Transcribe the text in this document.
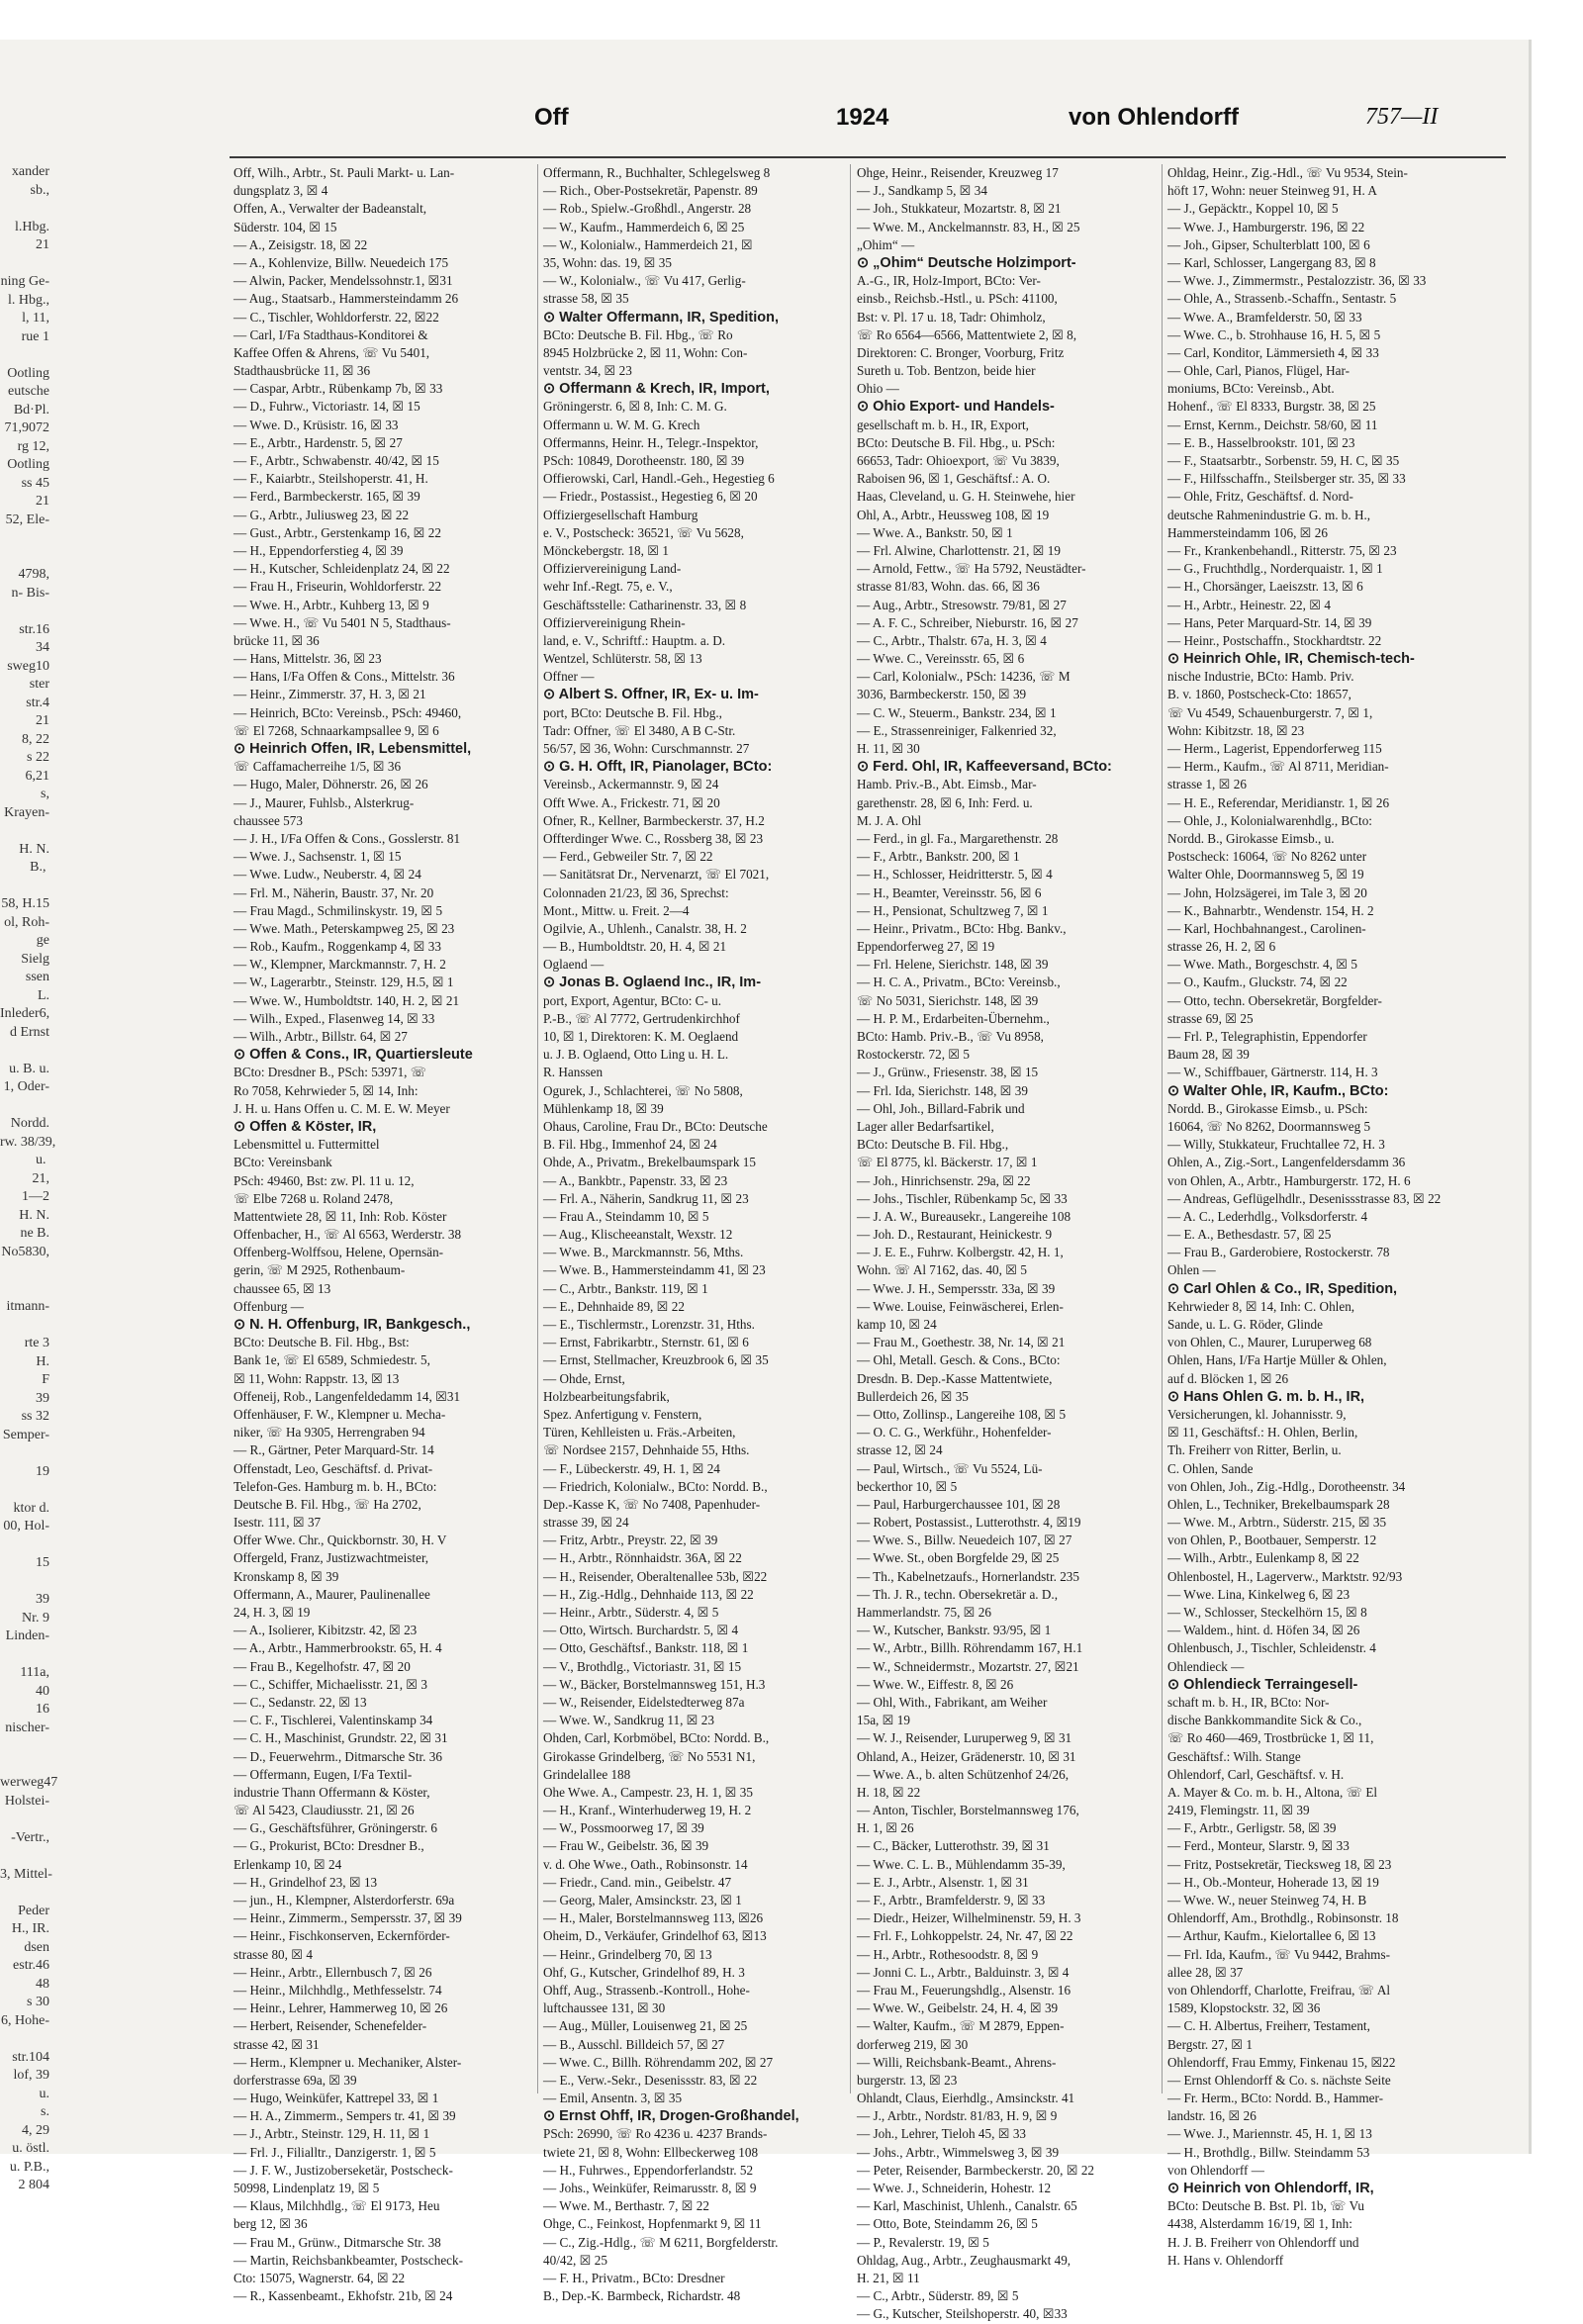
xander
sb.,
l.Hbg.
21
ning Ge-
l. Hbg.,
l, 11,
rue 1
Ootling
eutsche
Bd·Pl.
71,9072
rg 12,
Ootling
ss 45
21
52, Ele-
4798,
n- Bis-
str.16
34
sweg10
ster
str.4
21
8, 22
s 22
6,21
s,
Krayen-
H. N.
B.,
58, H.15
ol, Roh-
ge
Sielg
ssen
L.
Inleder6,
d Ernst
u. B. u.
1, Oder-
Nordd.
rw. 38/39,
u.
21,
1—2
H. N.
ne B.
No5830,
itmann-
rte 3
H.
F
39
ss 32
Semper-
19
ktor d.
00, Hol-
15
39
Nr. 9
Linden-
111a,
40
16
nischer-
werweg47
Holstei-
-Vertr.,
3, Mittel-
Peder
H., IR.
dsen
estr.46
48
s 30
6, Hohe-
str.104
lof, 39
u.
s.
4, 29
u. östl.
u. P.B.,
2 804
Off	1924	von Ohlendorff	757—II
Off, Wilh., Arbtr., St. Pauli Markt- u. Lan-
dungsplatz 3, ☒ 4
Offen, A., Verwalter der Badeanstalt,
Süderstr. 104, ☒ 15
— A., Zeisigstr. 18, ☒ 22
— A., Kohlenvize, Billw. Neuedeich 175
— Alwin, Packer, Mendelssohnstr.1, ☒31
— Aug., Staatsarb., Hammersteindamm 26
— C., Tischler, Wohldorferstr. 22, ☒22
— Carl, I/Fa Stadthaus-Konditorei &
Kaffee Offen & Ahrens, ☏ Vu 5401,
Stadthausbrücke 11, ☒ 36
— Caspar, Arbtr., Rübenkamp 7b, ☒ 33
— D., Fuhrw., Victoriastr. 14, ☒ 15
— Wwe. D., Krüsistr. 16, ☒ 33
— E., Arbtr., Hardenstr. 5, ☒ 27
— F., Arbtr., Schwabenstr. 40/42, ☒ 15
— F., Kaiarbtr., Steilshoperstr. 41, H.
— Ferd., Barmbeckerstr. 165, ☒ 39
— G., Arbtr., Juliusweg 23, ☒ 22
— Gust., Arbtr., Gerstenkamp 16, ☒ 22
— H., Eppendorferstieg 4, ☒ 39
— H., Kutscher, Schleidenplatz 24, ☒ 22
— Frau H., Friseurin, Wohldorferstr. 22
— Wwe. H., Arbtr., Kuhberg 13, ☒ 9
— Wwe. H., ☏ Vu 5401 N 5, Stadthaus-
brücke 11, ☒ 36
— Hans, Mittelstr. 36, ☒ 23
— Hans, I/Fa Offen & Cons., Mittelstr. 36
— Heinr., Zimmerstr. 37, H. 3, ☒ 21
— Heinrich, BCto: Vereinsb., PSch: 49460,
☏ El 7268, Schnaarkampsallee 9, ☒ 6
⊙ Heinrich Offen, IR, Lebensmittel,
☏ Caffamacherreihe 1/5, ☒ 36
— Hugo, Maler, Döhnerstr. 26, ☒ 26
— J., Maurer, Fuhlsb., Alsterkrug-
chaussee 573
— J. H., I/Fa Offen & Cons., Gosslerstr. 81
— Wwe. J., Sachsenstr. 1, ☒ 15
— Wwe. Ludw., Neuberstr. 4, ☒ 24
— Frl. M., Näherin, Baustr. 37, Nr. 20
— Frau Magd., Schmilinskystr. 19, ☒ 5
— Wwe. Math., Peterskampweg 25, ☒ 23
— Rob., Kaufm., Roggenkamp 4, ☒ 33
— W., Klempner, Marckmannstr. 7, H. 2
— W., Lagerarbtr., Steinstr. 129, H.5, ☒ 1
— Wwe. W., Humboldtstr. 140, H. 2, ☒ 21
— Wilh., Exped., Flasenweg 14, ☒ 33
— Wilh., Arbtr., Billstr. 64, ☒ 27
⊙ Offen & Cons., IR, Quartiersleute
BCto: Dresdner B., PSch: 53971, ☏
Ro 7058, Kehrwieder 5, ☒ 14, Inh:
J. H. u. Hans Offen u. C. M. E. W. Meyer
⊙ Offen & Köster, IR,
Lebensmittel u. Futtermittel
BCto: Vereinsbank
PSch: 49460, Bst: zw. Pl. 11 u. 12,
☏ Elbe 7268 u. Roland 2478,
Mattentwiete 28, ☒ 11, Inh: Rob. Köster
Offenbacher, H., ☏ Al 6563, Werderstr. 38
Offenberg-Wolffsou, Helene, Opernsän-
gerin, ☏ M 2925, Rothenbaum-
chaussee 65, ☒ 13
Offenburg —
⊙ N. H. Offenburg, IR, Bankgesch.,
BCto: Deutsche B. Fil. Hbg., Bst:
Bank 1e, ☏ El 6589, Schmiedestr. 5,
☒ 11, Wohn: Rappstr. 13, ☒ 13
Offeneij, Rob., Langenfeldedamm 14, ☒31
Offenhäuser, F. W., Klempner u. Mecha-
niker, ☏ Ha 9305, Herrengraben 94
— R., Gärtner, Peter Marquard-Str. 14
Offenstadt, Leo, Geschäftsf. d. Privat-
Telefon-Ges. Hamburg m. b. H., BCto:
Deutsche B. Fil. Hbg., ☏ Ha 2702,
Isestr. 111, ☒ 37
Offer Wwe. Chr., Quickbornstr. 30, H. V
Offergeld, Franz, Justizwachtmeister,
Kronskamp 8, ☒ 39
Offermann, A., Maurer, Paulinenallee
24, H. 3, ☒ 19
— A., Isolierer, Kibitzstr. 42, ☒ 23
— A., Arbtr., Hammerbrookstr. 65, H. 4
— Frau B., Kegelhofstr. 47, ☒ 20
— C., Schiffer, Michaelisstr. 21, ☒ 3
— C., Sedanstr. 22, ☒ 13
— C. F., Tischlerei, Valentinskamp 34
— C. H., Maschinist, Grundstr. 22, ☒ 31
— D., Feuerwehrm., Ditmarsche Str. 36
— Offermann, Eugen, I/Fa Textil-
industrie Thann Offermann & Köster,
☏ Al 5423, Claudiusstr. 21, ☒ 26
— G., Geschäftsführer, Gröningerstr. 6
— G., Prokurist, BCto: Dresdner B.,
Erlenkamp 10, ☒ 24
— H., Grindelhof 23, ☒ 13
— jun., H., Klempner, Alsterdorferstr. 69a
— Heinr., Zimmerm., Sempersstr. 37, ☒ 39
— Heinr., Fischkonserven, Eckernförder-
strasse 80, ☒ 4
— Heinr., Arbtr., Ellernbusch 7, ☒ 26
— Heinr., Milchhdlg., Methfesselstr. 74
— Heinr., Lehrer, Hammerweg 10, ☒ 26
— Herbert, Reisender, Schenefelder-
strasse 42, ☒ 31
— Herm., Klempner u. Mechaniker, Alster-
dorferstrasse 69a, ☒ 39
— Hugo, Weinküfer, Kattrepel 33, ☒ 1
— H. A., Zimmerm., Sempers tr. 41, ☒ 39
— J., Arbtr., Steinstr. 129, H. 11, ☒ 1
— Frl. J., Filialltr., Danzigerstr. 1, ☒ 5
— J. F. W., Justizoberseketär, Postscheck-
50998, Lindenplatz 19, ☒ 5
— Klaus, Milchhdlg., ☏ El 9173, Heu
berg 12, ☒ 36
— Frau M., Grünw., Ditmarsche Str. 38
— Martin, Reichsbankbeamter, Postscheck-
Cto: 15075, Wagnerstr. 64, ☒ 22
— R., Kassenbeamt., Ekhofstr. 21b, ☒ 24
Offermann, R., Buchhalter, Schlegelsweg 8
— Rich., Ober-Postsekretär, Papenstr. 89
— Rob., Spielw.-Großhdl., Angerstr. 28
— W., Kaufm., Hammerdeich 6, ☒ 25
— W., Kolonialw., Hammerdeich 21, ☒
35, Wohn: das. 19, ☒ 35
— W., Kolonialw., ☏ Vu 417, Gerlig-
strasse 58, ☒ 35
⊙ Walter Offermann, IR, Spedition,
BCto: Deutsche B. Fil. Hbg., ☏ Ro
8945 Holzbrücke 2, ☒ 11, Wohn: Con-
ventstr. 34, ☒ 23
⊙ Offermann & Krech, IR, Import,
Gröningerstr. 6, ☒ 8, Inh: C. M. G.
Offermann u. W. M. G. Krech
Offermanns, Heinr. H., Telegr.-Inspektor,
PSch: 10849, Dorotheenstr. 180, ☒ 39
Offierowski, Carl, Handl.-Geh., Hegestieg 6
— Friedr., Postassist., Hegestieg 6, ☒ 20
Offiziergesellschaft Hamburg
e. V., Postscheck: 36521, ☏ Vu 5628,
Mönckebergstr. 18, ☒ 1
Offiziervereinigung Land-
wehr Inf.-Regt. 75, e. V.,
Geschäftsstelle: Catharinenstr. 33, ☒ 8
Offiziervereinigung Rhein-
land, e. V., Schriftf.: Hauptm. a. D.
Wentzel, Schlüterstr. 58, ☒ 13
Offner —
⊙ Albert S. Offner, IR, Ex- u. Im-
port, BCto: Deutsche B. Fil. Hbg.,
Tadr: Offner, ☏ El 3480, A B C-Str.
56/57, ☒ 36, Wohn: Curschmannstr. 27
⊙ G. H. Offt, IR, Pianolager, BCto:
Vereinsb., Ackermannstr. 9, ☒ 24
Offt Wwe. A., Frickestr. 71, ☒ 20
Ofner, R., Kellner, Barmbeckerstr. 37, H.2
Offterdinger Wwe. C., Rossberg 38, ☒ 23
— Ferd., Gebweiler Str. 7, ☒ 22
— Sanitätsrat Dr., Nervenarzt, ☏ El 7021,
Colonnaden 21/23, ☒ 36, Sprechst:
Mont., Mittw. u. Freit. 2—4
Ogilvie, A., Uhlenh., Canalstr. 38, H. 2
— B., Humboldtstr. 20, H. 4, ☒ 21
Oglaend —
⊙ Jonas B. Oglaend Inc., IR, Im-
port, Export, Agentur, BCto: C- u.
P.-B., ☏ Al 7772, Gertrudenkirchhof
10, ☒ 1, Direktoren: K. M. Oeglaend
u. J. B. Oglaend, Otto Ling u. H. L.
R. Hanssen
Ogurek, J., Schlachterei, ☏ No 5808,
Mühlenkamp 18, ☒ 39
Ohaus, Caroline, Frau Dr., BCto: Deutsche
B. Fil. Hbg., Immenhof 24, ☒ 24
Ohde, A., Privatm., Brekelbaumspark 15
— A., Bankbtr., Papenstr. 33, ☒ 23
— Frl. A., Näherin, Sandkrug 11, ☒ 23
— Frau A., Steindamm 10, ☒ 5
— Aug., Klischeeanstalt, Wexstr. 12
— Wwe. B., Marckmannstr. 56, Mths.
— Wwe. B., Hammersteindamm 41, ☒ 23
— C., Arbtr., Bankstr. 119, ☒ 1
— E., Dehnhaide 89, ☒ 22
— E., Tischlermstr., Lorenzstr. 31, Hths.
— Ernst, Fabrikarbtr., Sternstr. 61, ☒ 6
— Ernst, Stellmacher, Kreuzbrook 6, ☒ 35
— Ohde, Ernst,
Holzbearbeitungsfabrik,
Spez. Anfertigung v. Fenstern,
Türen, Kehlleisten u. Fräs.-Arbeiten,
☏ Nordsee 2157, Dehnhaide 55, Hths.
— F., Lübeckerstr. 49, H. 1, ☒ 24
— Friedrich, Kolonialw., BCto: Nordd. B.,
Dep.-Kasse K, ☏ No 7408, Papenhuder-
strasse 39, ☒ 24
— Fritz, Arbtr., Preystr. 22, ☒ 39
— H., Arbtr., Rönnhaidstr. 36A, ☒ 22
— H., Reisender, Oberaltenallee 53b, ☒22
— H., Zig.-Hdlg., Dehnhaide 113, ☒ 22
— Heinr., Arbtr., Süderstr. 4, ☒ 5
— Otto, Wirtsch. Burchardstr. 5, ☒ 4
— Otto, Geschäftsf., Bankstr. 118, ☒ 1
— V., Brothdlg., Victoriastr. 31, ☒ 15
— W., Bäcker, Borstelmannsweg 151, H.3
— W., Reisender, Eidelstedterweg 87a
— Wwe. W., Sandkrug 11, ☒ 23
Ohden, Carl, Korbmöbel, BCto: Nordd. B.,
Girokasse Grindelberg, ☏ No 5531 N1,
Grindelallee 188
Ohe Wwe. A., Campestr. 23, H. 1, ☒ 35
— H., Kranf., Winterhuderweg 19, H. 2
— W., Possmoorweg 17, ☒ 39
— Frau W., Geibelstr. 36, ☒ 39
v. d. Ohe Wwe., Oath., Robinsonstr. 14
— Friedr., Cand. min., Geibelstr. 47
— Georg, Maler, Amsinckstr. 23, ☒ 1
— H., Maler, Borstelmannsweg 113, ☒26
Oheim, D., Verkäufer, Grindelhof 63, ☒13
— Heinr., Grindelberg 70, ☒ 13
Ohf, G., Kutscher, Grindelhof 89, H. 3
Ohff, Aug., Strassenb.-Kontroll., Hohe-
luftchaussee 131, ☒ 30
— Aug., Müller, Louisenweg 21, ☒ 25
— B., Ausschl. Billdeich 57, ☒ 27
— Wwe. C., Billh. Röhrendamm 202, ☒ 27
— E., Verw.-Sekr., Desenissstr. 83, ☒ 22
— Emil, Ansentn. 3, ☒ 35
⊙ Ernst Ohff, IR, Drogen-Großhandel,
PSch: 26990, ☏ Ro 4236 u. 4237 Brands-
twiete 21, ☒ 8, Wohn: Ellbeckerweg 108
— H., Fuhrwes., Eppendorferlandstr. 52
— Johs., Weinküfer, Reimarusstr. 8, ☒ 9
— Wwe. M., Berthastr. 7, ☒ 22
Ohge, C., Feinkost, Hopfenmarkt 9, ☒ 11
— C., Zig.-Hdlg., ☏ M 6211, Borgfelderstr.
40/42, ☒ 25
— F. H., Privatm., BCto: Dresdner
B., Dep.-K. Barmbeck, Richardstr. 48
Ohge, Heinr., Reisender, Kreuzweg 17
— J., Sandkamp 5, ☒ 34
— Joh., Stukkateur, Mozartstr. 8, ☒ 21
— Wwe. M., Anckelmannstr. 83, H., ☒ 25
„Ohim“ —
⊙ „Ohim“ Deutsche Holzimport-
A.-G., IR, Holz-Import, BCto: Ver-
einsb., Reichsb.-Hstl., u. PSch: 41100,
Bst: v. Pl. 17 u. 18, Tadr: Ohimholz,
☏ Ro 6564—6566, Mattentwiete 2, ☒ 8,
Direktoren: C. Bronger, Voorburg, Fritz
Sureth u. Tob. Bentzon, beide hier
Ohio —
⊙ Ohio Export- und Handels-
gesellschaft m. b. H., IR, Export,
BCto: Deutsche B. Fil. Hbg., u. PSch:
66653, Tadr: Ohioexport, ☏ Vu 3839,
Raboisen 96, ☒ 1, Geschäftsf.: A. O.
Haas, Cleveland, u. G. H. Steinwehe, hier
Ohl, A., Arbtr., Heussweg 108, ☒ 19
— Wwe. A., Bankstr. 50, ☒ 1
— Frl. Alwine, Charlottenstr. 21, ☒ 19
— Arnold, Fettw., ☏ Ha 5792, Neustädter-
strasse 81/83, Wohn. das. 66, ☒ 36
— Aug., Arbtr., Stresowstr. 79/81, ☒ 27
— A. F. C., Schreiber, Nieburstr. 16, ☒ 27
— C., Arbtr., Thalstr. 67a, H. 3, ☒ 4
— Wwe. C., Vereinsstr. 65, ☒ 6
— Carl, Kolonialw., PSch: 14236, ☏ M
3036, Barmbeckerstr. 150, ☒ 39
— C. W., Steuerm., Bankstr. 234, ☒ 1
— E., Strassenreiniger, Falkenried 32,
H. 11, ☒ 30
⊙ Ferd. Ohl, IR, Kaffeeversand, BCto:
Hamb. Priv.-B., Abt. Eimsb., Mar-
garethenstr. 28, ☒ 6, Inh: Ferd. u.
M. J. A. Ohl
— Ferd., in gl. Fa., Margarethenstr. 28
— F., Arbtr., Bankstr. 200, ☒ 1
— H., Schlosser, Heidritterstr. 5, ☒ 4
— H., Beamter, Vereinsstr. 56, ☒ 6
— H., Pensionat, Schultzweg 7, ☒ 1
— Heinr., Privatm., BCto: Hbg. Bankv.,
Eppendorferweg 27, ☒ 19
— Frl. Helene, Sierichstr. 148, ☒ 39
— H. C. A., Privatm., BCto: Vereinsb.,
☏ No 5031, Sierichstr. 148, ☒ 39
— H. P. M., Erdarbeiten-Übernehm.,
BCto: Hamb. Priv.-B., ☏ Vu 8958,
Rostockerstr. 72, ☒ 5
— J., Grünw., Friesenstr. 38, ☒ 15
— Frl. Ida, Sierichstr. 148, ☒ 39
— Ohl, Joh., Billard-Fabrik und
Lager aller Bedarfsartikel,
BCto: Deutsche B. Fil. Hbg.,
☏ El 8775, kl. Bäckerstr. 17, ☒ 1
— Joh., Hinrichsenstr. 29a, ☒ 22
— Johs., Tischler, Rübenkamp 5c, ☒ 33
— J. A. W., Bureausekr., Langereihe 108
— Joh. D., Restaurant, Heinickestr. 9
— J. E. E., Fuhrw. Kolbergstr. 42, H. 1,
Wohn. ☏ Al 7162, das. 40, ☒ 5
— Wwe. J. H., Sempersstr. 33a, ☒ 39
— Wwe. Louise, Feinwäscherei, Erlen-
kamp 10, ☒ 24
— Frau M., Goethestr. 38, Nr. 14, ☒ 21
— Ohl, Metall. Gesch. & Cons., BCto:
Dresdn. B. Dep.-Kasse Mattentwiete,
Bullerdeich 26, ☒ 35
— Otto, Zollinsp., Langereihe 108, ☒ 5
— O. C. G., Werkführ., Hohenfelder-
strasse 12, ☒ 24
— Paul, Wirtsch., ☏ Vu 5524, Lü-
beckerthor 10, ☒ 5
— Paul, Harburgerchaussee 101, ☒ 28
— Robert, Postassist., Lutterothstr. 4, ☒19
— Wwe. S., Billw. Neuedeich 107, ☒ 27
— Wwe. St., oben Borgfelde 29, ☒ 25
— Th., Kabelnetzaufs., Hornerlandstr. 235
— Th. J. R., techn. Obersekretär a. D.,
Hammerlandstr. 75, ☒ 26
— W., Kutscher, Bankstr. 93/95, ☒ 1
— W., Arbtr., Billh. Röhrendamm 167, H.1
— W., Schneidermstr., Mozartstr. 27, ☒21
— Wwe. W., Eiffestr. 8, ☒ 26
— Ohl, With., Fabrikant, am Weiher
15a, ☒ 19
— W. J., Reisender, Luruperweg 9, ☒ 31
Ohland, A., Heizer, Grädenerstr. 10, ☒ 31
— Wwe. A., b. alten Schützenhof 24/26,
H. 18, ☒ 22
— Anton, Tischler, Borstelmannsweg 176,
H. 1, ☒ 26
— C., Bäcker, Lutterothstr. 39, ☒ 31
— Wwe. C. L. B., Mühlendamm 35-39,
— E. J., Arbtr., Alsenstr. 1, ☒ 31
— F., Arbtr., Bramfelderstr. 9, ☒ 33
— Diedr., Heizer, Wilhelminenstr. 59, H. 3
— Frl. F., Lohkoppelstr. 24, Nr. 47, ☒ 22
— H., Arbtr., Rothesoodstr. 8, ☒ 9
— Jonni C. L., Arbtr., Balduinstr. 3, ☒ 4
— Frau M., Feuerungshdlg., Alsenstr. 16
— Wwe. W., Geibelstr. 24, H. 4, ☒ 39
— Walter, Kaufm., ☏ M 2879, Eppen-
dorferweg 219, ☒ 30
— Willi, Reichsbank-Beamt., Ahrens-
burgerstr. 13, ☒ 23
Ohlandt, Claus, Eierhdlg., Amsinckstr. 41
— J., Arbtr., Nordstr. 81/83, H. 9, ☒ 9
— Joh., Lehrer, Tieloh 45, ☒ 33
— Johs., Arbtr., Wimmelsweg 3, ☒ 39
— Peter, Reisender, Barmbeckerstr. 20, ☒ 22
— Wwe. J., Schneiderin, Hohestr. 12
— Karl, Maschinist, Uhlenh., Canalstr. 65
— Otto, Bote, Steindamm 26, ☒ 5
— P., Revalerstr. 19, ☒ 5
Ohldag, Aug., Arbtr., Zeughausmarkt 49,
H. 21, ☒ 11
— C., Arbtr., Süderstr. 89, ☒ 5
— G., Kutscher, Steilshoperstr. 40, ☒33
Ohldag, Heinr., Zig.-Hdl., ☏ Vu 9534, Stein-
höft 17, Wohn: neuer Steinweg 91, H. A
— J., Gepäcktr., Koppel 10, ☒ 5
— Wwe. J., Hamburgerstr. 196, ☒ 22
— Joh., Gipser, Schulterblatt 100, ☒ 6
— Karl, Schlosser, Langergang 83, ☒ 8
— Wwe. J., Zimmermstr., Pestalozzistr. 36, ☒ 33
— Ohle, A., Strassenb.-Schaffn., Sentastr. 5
— Wwe. A., Bramfelderstr. 50, ☒ 33
— Wwe. C., b. Strohhause 16, H. 5, ☒ 5
— Carl, Konditor, Lämmersieth 4, ☒ 33
— Ohle, Carl, Pianos, Flügel, Har-
moniums, BCto: Vereinsb., Abt.
Hohenf., ☏ El 8333, Burgstr. 38, ☒ 25
— Ernst, Kernm., Deichstr. 58/60, ☒ 11
— E. B., Hasselbrookstr. 101, ☒ 23
— F., Staatsarbtr., Sorbenstr. 59, H. C, ☒ 35
— F., Hilfsschaffn., Steilsberger str. 35, ☒ 33
— Ohle, Fritz, Geschäftsf. d. Nord-
deutsche Rahmenindustrie G. m. b. H.,
Hammersteindamm 106, ☒ 26
— Fr., Krankenbehandl., Ritterstr. 75, ☒ 23
— G., Fruchthdlg., Norderquaistr. 1, ☒ 1
— H., Chorsänger, Laeiszstr. 13, ☒ 6
— H., Arbtr., Heinestr. 22, ☒ 4
— Hans, Peter Marquard-Str. 14, ☒ 39
— Heinr., Postschaffn., Stockhardtstr. 22
⊙ Heinrich Ohle, IR, Chemisch-tech-
nische Industrie, BCto: Hamb. Priv.
B. v. 1860, Postscheck-Cto: 18657,
☏ Vu 4549, Schauenburgerstr. 7, ☒ 1,
Wohn: Kibitzstr. 18, ☒ 23
— Herm., Lagerist, Eppendorferweg 115
— Herm., Kaufm., ☏ Al 8711, Meridian-
strasse 1, ☒ 26
— H. E., Referendar, Meridianstr. 1, ☒ 26
— Ohle, J., Kolonialwarenhdlg., BCto:
Nordd. B., Girokasse Eimsb., u.
Postscheck: 16064, ☏ No 8262 unter
Walter Ohle, Doormannsweg 5, ☒ 19
— John, Holzsägerei, im Tale 3, ☒ 20
— K., Bahnarbtr., Wendenstr. 154, H. 2
— Karl, Hochbahnangest., Carolinen-
strasse 26, H. 2, ☒ 6
— Wwe. Math., Borgeschstr. 4, ☒ 5
— O., Kaufm., Gluckstr. 74, ☒ 22
— Otto, techn. Obersekretär, Borgfelder-
strasse 69, ☒ 25
— Frl. P., Telegraphistin, Eppendorfer
Baum 28, ☒ 39
— W., Schiffbauer, Gärtnerstr. 114, H. 3
⊙ Walter Ohle, IR, Kaufm., BCto:
Nordd. B., Girokasse Eimsb., u. PSch:
16064, ☏ No 8262, Doormannsweg 5
— Willy, Stukkateur, Fruchtallee 72, H. 3
Ohlen, A., Zig.-Sort., Langenfeldersdamm 36
von Ohlen, A., Arbtr., Hamburgerstr. 172, H. 6
— Andreas, Geflügelhdlr., Desenissstrasse 83, ☒ 22
— A. C., Lederhdlg., Volksdorferstr. 4
— E. A., Bethesdastr. 57, ☒ 25
— Frau B., Garderobiere, Rostockerstr. 78
Ohlen —
⊙ Carl Ohlen & Co., IR, Spedition,
Kehrwieder 8, ☒ 14, Inh: C. Ohlen,
Sande, u. L. G. Röder, Glinde
von Ohlen, C., Maurer, Luruperweg 68
Ohlen, Hans, I/Fa Hartje Müller & Ohlen,
auf d. Blöcken 1, ☒ 26
⊙ Hans Ohlen G. m. b. H., IR,
Versicherungen, kl. Johannisstr. 9,
☒ 11, Geschäftsf.: H. Ohlen, Berlin,
Th. Freiherr von Ritter, Berlin, u.
C. Ohlen, Sande
von Ohlen, Joh., Zig.-Hdlg., Dorotheenstr. 34
Ohlen, L., Techniker, Brekelbaumspark 28
— Wwe. M., Arbtrn., Süderstr. 215, ☒ 35
von Ohlen, P., Bootbauer, Semperstr. 12
— Wilh., Arbtr., Eulenkamp 8, ☒ 22
Ohlenbostel, H., Lagerverw., Marktstr. 92/93
— Wwe. Lina, Kinkelweg 6, ☒ 23
— W., Schlosser, Steckelhörn 15, ☒ 8
— Waldem., hint. d. Höfen 34, ☒ 26
Ohlenbusch, J., Tischler, Schleidenstr. 4
Ohlendieck —
⊙ Ohlendieck Terraingesell-
schaft m. b. H., IR, BCto: Nor-
dische Bankkommandite Sick & Co.,
☏ Ro 460—469, Trostbrücke 1, ☒ 11,
Geschäftsf.: Wilh. Stange
Ohlendorf, Carl, Geschäftsf. v. H.
A. Mayer & Co. m. b. H., Altona, ☏ El
2419, Flemingstr. 11, ☒ 39
— F., Arbtr., Gerligstr. 58, ☒ 39
— Ferd., Monteur, Slarstr. 9, ☒ 33
— Fritz, Postsekretär, Tiecksweg 18, ☒ 23
— H., Ob.-Monteur, Hoherade 13, ☒ 19
— Wwe. W., neuer Steinweg 74, H. B
Ohlendorff, Am., Brothdlg., Robinsonstr. 18
— Arthur, Kaufm., Kielortallee 6, ☒ 13
— Frl. Ida, Kaufm., ☏ Vu 9442, Brahms-
allee 28, ☒ 37
von Ohlendorff, Charlotte, Freifrau, ☏ Al
1589, Klopstockstr. 32, ☒ 36
— C. H. Albertus, Freiherr, Testament,
Bergstr. 27, ☒ 1
Ohlendorff, Frau Emmy, Finkenau 15, ☒22
— Ernst Ohlendorff & Co. s. nächste Seite
— Fr. Herm., BCto: Nordd. B., Hammer-
landstr. 16, ☒ 26
— Wwe. J., Mariennstr. 45, H. 1, ☒ 13
— H., Brothdlg., Billw. Steindamm 53
von Ohlendorff —
⊙ Heinrich von Ohlendorff, IR,
BCto: Deutsche B. Bst. Pl. 1b, ☏ Vu
4438, Alsterdamm 16/19, ☒ 1, Inh:
H. J. B. Freiherr von Ohlendorff und
H. Hans v. Ohlendorff
